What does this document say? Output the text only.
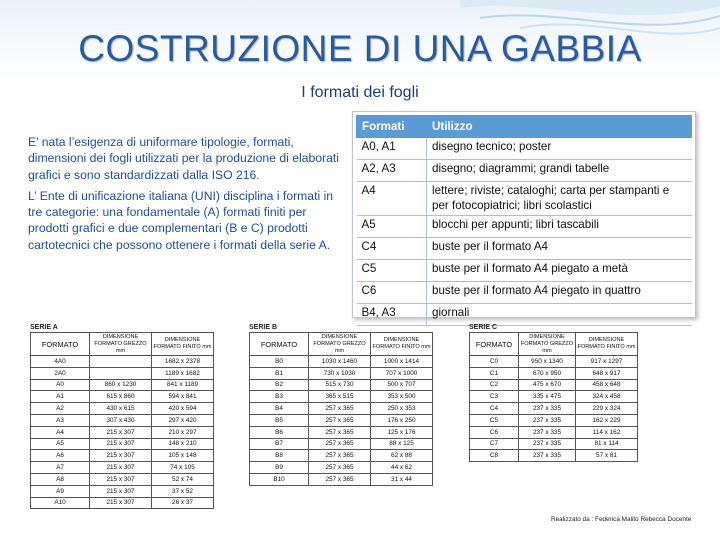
COSTRUZIONE DI UNA GABBIA
I formati dei fogli

E’ nata l’esigenza di uniformare tipologie, formati, dimensioni dei fogli utilizzati per la produzione di elaborati grafici e sono standardizzati dalla ISO 216.

L’ Ente di unificazione italiana (UNI) disciplina i formati in tre categorie: una fondamentale (A) formati finiti per prodotti grafici e due complementari (B e C) prodotti cartotecnici che possono ottenere i formati della serie A.

Formati	Utilizzo
A0, A1	disegno tecnico; poster
A2, A3	disegno; diagrammi; grandi tabelle
A4	lettere; riviste; cataloghi; carta per stampanti e per fotocopiatrici; libri scolastici
A5	blocchi per appunti; libri tascabili
C4	buste per il formato A4
C5	buste per il formato A4 piegato a metà
C6	buste per il formato A4 piegato in quattro
B4, A3	giornali
SERIE A
FORMATO	DIMENSIONE FORMATO GREZZO mm	DIMENSIONE FORMATO FINITO mm
4A0		1682 x 2378
2A0		1189 x 1682
A0	860 x 1230	841 x 1189
A1	615 x 860	594 x 841
A2	430 x 615	420 x 594
A3	307 x 430	297 x 420
A4	215 x 307	210 x 297
A5	215 x 307	148 x 210
A6	215 x 307	105 x 148
A7	215 x 307	74 x 105
A8	215 x 307	52 x 74
A9	215 x 307	37 x 52
A10	215 x 307	26 x 37
SERIE B
FORMATO	DIMENSIONE FORMATO GREZZO mm	DIMENSIONE FORMATO FINITO mm
B0	1030 x 1460	1000 x 1414
B1	730 x 1030	707 x 1000
B2	515 x 730	500 x 707
B3	365 x 515	353 x 500
B4	257 x 365	250 x 353
B5	257 x 365	176 x 250
B6	257 x 365	125 x 176
B7	257 x 365	88 x 125
B8	257 x 365	62 x 88
B9	257 x 365	44 x 62
B10	257 x 365	31 x 44
SERIE C
FORMATO	DIMENSIONE FORMATO GREZZO mm	DIMENSIONE FORMATO FINITO mm
C0	950 x 1340	917 x 1297
C1	670 x 950	648 x 917
C2	475 x 670	458 x 648
C3	335 x 475	324 x 458
C4	237 x 335	229 x 324
C5	237 x 335	162 x 229
C6	237 x 335	114 x 162
C7	237 x 335	81 x 114
C8	237 x 335	57 x 81
Realizzato da : Federica Malito Rebecca Docente
